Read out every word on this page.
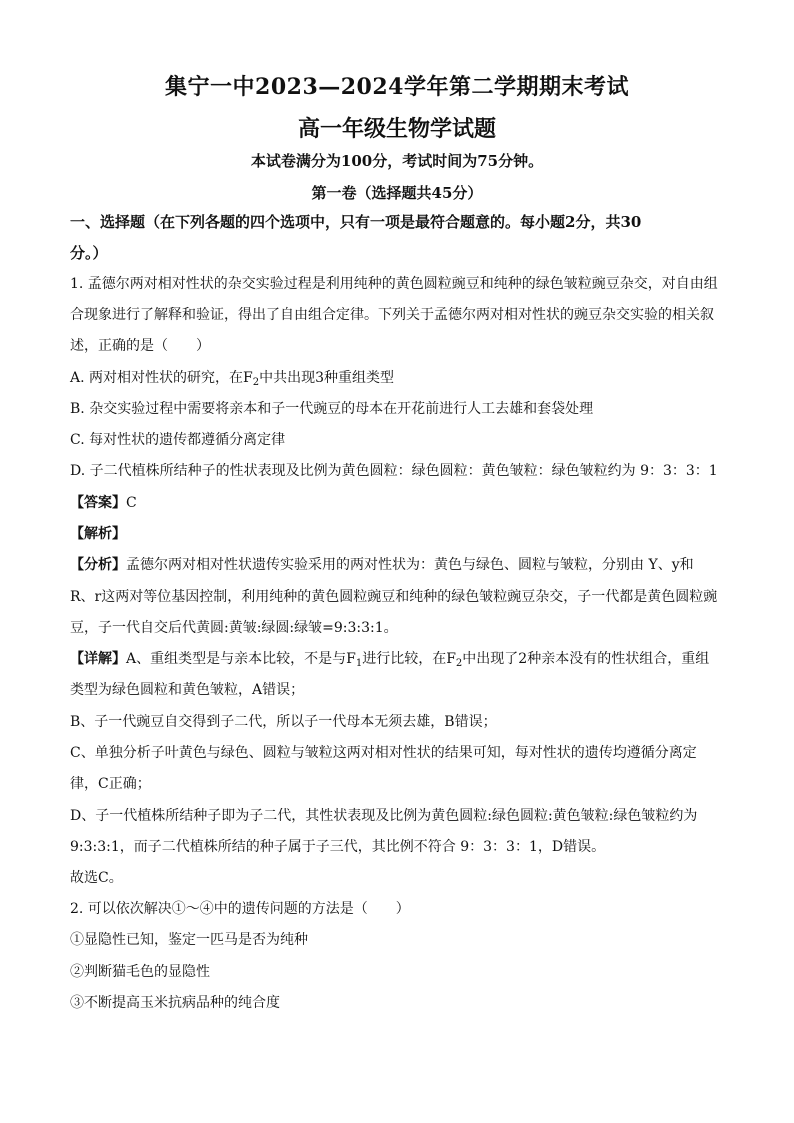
集宁一中2023—2024学年第二学期期末考试
高一年级生物学试题
本试卷满分为100分，考试时间为75分钟。
第一卷（选择题共45分）
一、选择题（在下列各题的四个选项中，只有一项是最符合题意的。每小题2分，共30
分。）
1. 孟德尔两对相对性状的杂交实验过程是利用纯种的黄色圆粒豌豆和纯种的绿色皱粒豌豆杂交，对自由组
合现象进行了解释和验证，得出了自由组合定律。下列关于孟德尔两对相对性状的豌豆杂交实验的相关叙
述，正确的是（　　）
A. 两对相对性状的研究，在$F_2$中共出现3种重组类型
B. 杂交实验过程中需要将亲本和子一代豌豆的母本在开花前进行人工去雄和套袋处理
C. 每对性状的遗传都遵循分离定律
D. 子二代植株所结种子的性状表现及比例为黄色圆粒：绿色圆粒：黄色皱粒：绿色皱粒约为 9：3：3：1
【答案】C
【解析】
【分析】孟德尔两对相对性状遗传实验采用的两对性状为：黄色与绿色、圆粒与皱粒，分别由 Y、y和
R、r这两对等位基因控制，利用纯种的黄色圆粒豌豆和纯种的绿色皱粒豌豆杂交，子一代都是黄色圆粒豌
豆，子一代自交后代黄圆:黄皱:绿圆:绿皱=9:3:3:1。
【详解】A、重组类型是与亲本比较，不是与$F_1$进行比较，在$F_2$中出现了2种亲本没有的性状组合，重组
类型为绿色圆粒和黄色皱粒，A错误；
B、子一代豌豆自交得到子二代，所以子一代母本无须去雄，B错误；
C、单独分析子叶黄色与绿色、圆粒与皱粒这两对相对性状的结果可知，每对性状的遗传均遵循分离定
律，C正确；
D、子一代植株所结种子即为子二代，其性状表现及比例为黄色圆粒:绿色圆粒:黄色皱粒:绿色皱粒约为
9:3:3:1，而子二代植株所结的种子属于子三代，其比例不符合 9：3：3：1，D错误。
故选C。
2. 可以依次解决①～④中的遗传问题的方法是（　　）
①显隐性已知，鉴定一匹马是否为纯种
②判断猫毛色的显隐性
③不断提高玉米抗病品种的纯合度
